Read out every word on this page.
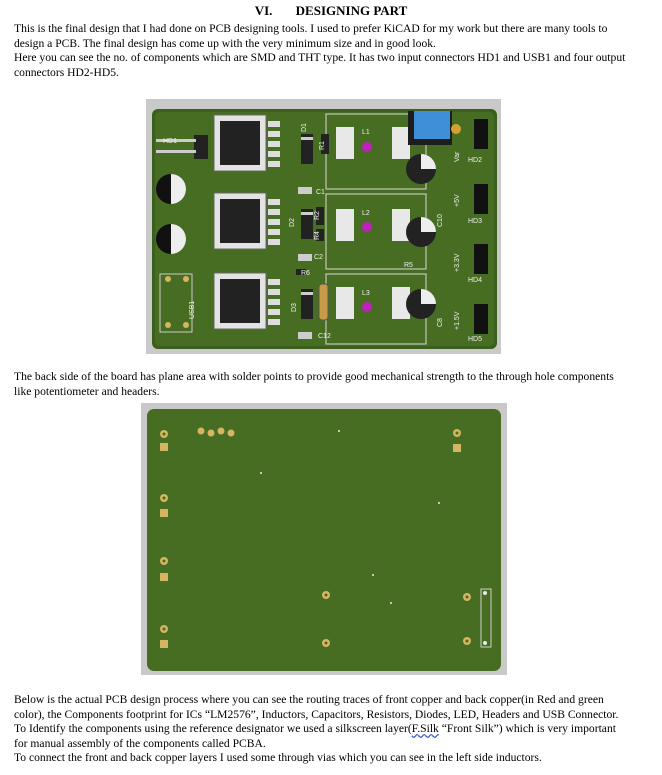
VI. DESIGNING PART

This is the final design that I had done on PCB designing tools. I used to prefer KiCAD for my work but there are many tools to
design a PCB. The final design has come up with the very minimum size and in good look.
Here you can see the no. of components which are SMD and THT type. It has two input connectors HD1 and USB1 and four output
connectors HD2-HD5.

HD1
USB1
D1
R1
C1
D2
R2
R4
C2
R6
D3
C12
L1
L2
L3
R5
C10
C8
HD2
HD3
HD4
HD5
Var
+5V
+3.3V
+1.5V

The back side of the board has plane area with solder points to provide good mechanical strength to the through hole components
like potentiometer and headers.

Below is the actual PCB design process where you can see the routing traces of front copper and back copper(in Red and green
color), the Components footprint for ICs “LM2576”, Inductors, Capacitors, Resistors, Diodes, LED, Headers and USB Connector.
To Identify the components using the reference designator we used a silkscreen layer(F.Silk “Front Silk”) which is very important
for manual assembly of the components called PCBA.
To connect the front and back copper layers I used some through vias which you can see in the left side inductors.
